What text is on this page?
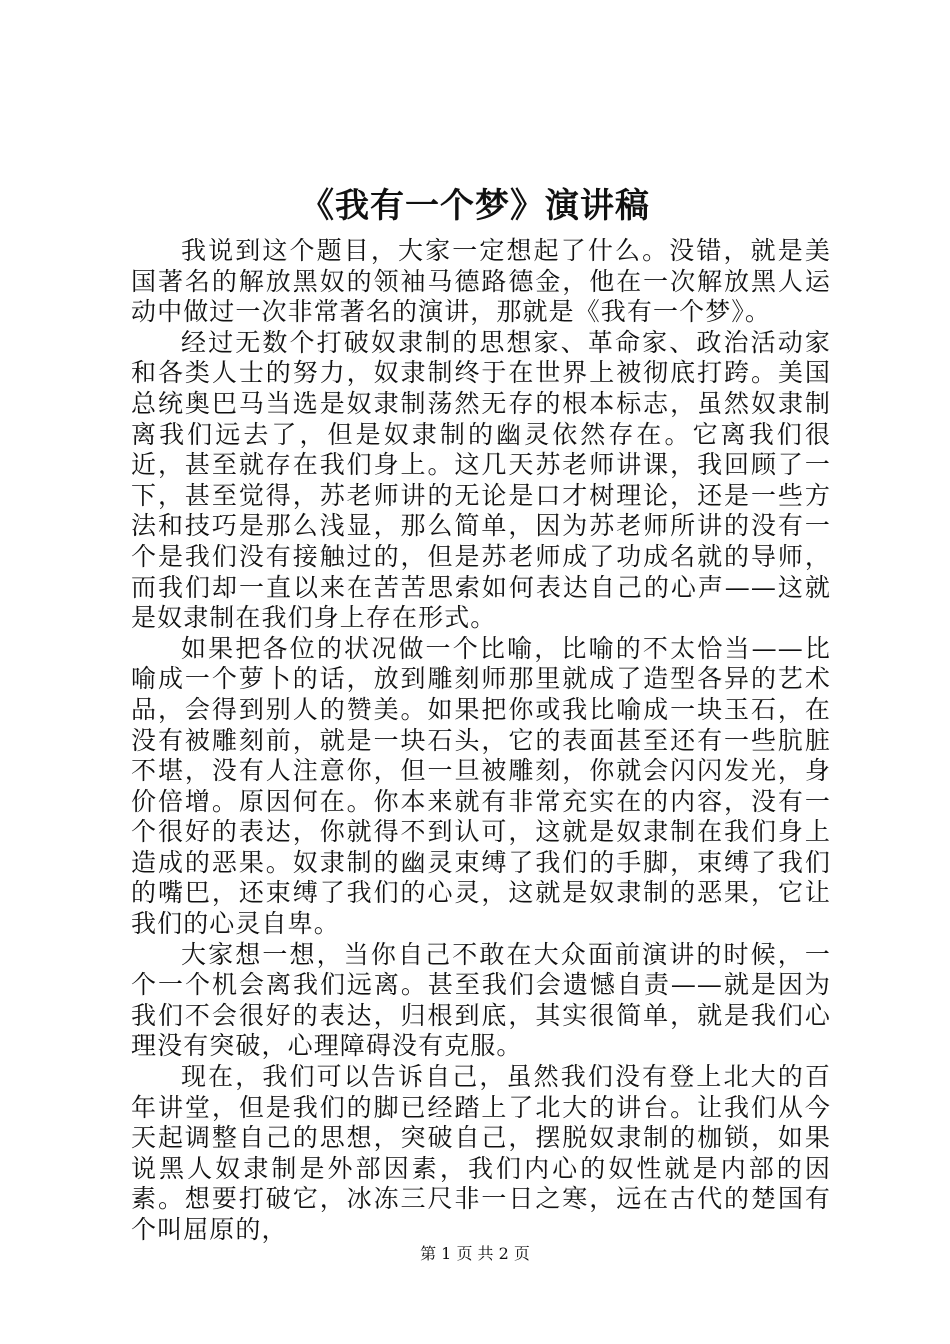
《我有一个梦》演讲稿

我说到这个题目，大家一定想起了什么。没错，就是美国著名的解放黑奴的领袖马德路德金，他在一次解放黑人运动中做过一次非常著名的演讲，那就是《我有一个梦》。

经过无数个打破奴隶制的思想家、革命家、政治活动家和各类人士的努力，奴隶制终于在世界上被彻底打跨。美国总统奥巴马当选是奴隶制荡然无存的根本标志，虽然奴隶制离我们远去了，但是奴隶制的幽灵依然存在。它离我们很近，甚至就存在我们身上。这几天苏老师讲课，我回顾了一下，甚至觉得，苏老师讲的无论是口才树理论，还是一些方法和技巧是那么浅显，那么简单，因为苏老师所讲的没有一个是我们没有接触过的，但是苏老师成了功成名就的导师，而我们却一直以来在苦苦思索如何表达自己的心声——这就是奴隶制在我们身上存在形式。

如果把各位的状况做一个比喻，比喻的不太恰当——比喻成一个萝卜的话，放到雕刻师那里就成了造型各异的艺术品，会得到别人的赞美。如果把你或我比喻成一块玉石，在没有被雕刻前，就是一块石头，它的表面甚至还有一些肮脏不堪，没有人注意你，但一旦被雕刻，你就会闪闪发光，身价倍增。原因何在。你本来就有非常充实在的内容，没有一个很好的表达，你就得不到认可，这就是奴隶制在我们身上造成的恶果。奴隶制的幽灵束缚了我们的手脚，束缚了我们的嘴巴，还束缚了我们的心灵，这就是奴隶制的恶果，它让我们的心灵自卑。

大家想一想，当你自己不敢在大众面前演讲的时候，一个一个机会离我们远离。甚至我们会遗憾自责——就是因为我们不会很好的表达，归根到底，其实很简单，就是我们心理没有突破，心理障碍没有克服。

现在，我们可以告诉自己，虽然我们没有登上北大的百年讲堂，但是我们的脚已经踏上了北大的讲台。让我们从今天起调整自己的思想，突破自己，摆脱奴隶制的枷锁，如果说黑人奴隶制是外部因素，我们内心的奴性就是内部的因素。想要打破它，冰冻三尺非一日之寒，远在古代的楚国有个叫屈原的，

第 1 页 共 2 页
